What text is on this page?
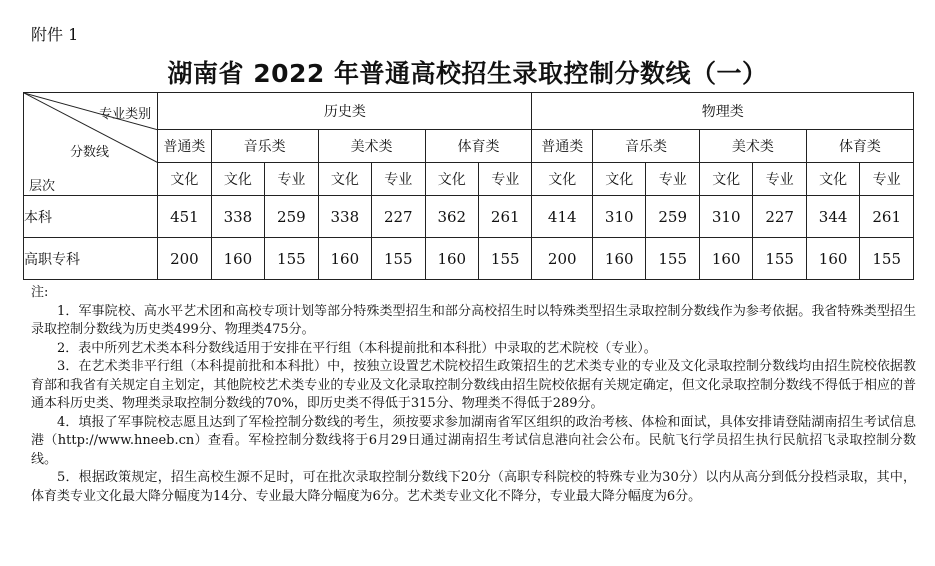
附件 1
湖南省 2022 年普通高校招生录取控制分数线（一）
专业类别
分数线
层次	历史类							物理类						
	普通类	音乐类		美术类		体育类		普通类	音乐类		美术类		体育类	
	文化	文化	专业	文化	专业	文化	专业	文化	文化	专业	文化	专业	文化	专业
本科	451	338	259	338	227	362	261	414	310	259	310	227	344	261
高职专科	200	160	155	160	155	160	155	200	160	155	160	155	160	155

注:

1．军事院校、高水平艺术团和高校专项计划等部分特殊类型招生和部分高校招生时以特殊类型招生录取控制分数线作为参考依据。我省特殊类型招生录取控制分数线为历史类499分、物理类475分。

2．表中所列艺术类本科分数线适用于安排在平行组（本科提前批和本科批）中录取的艺术院校（专业）。

3．在艺术类非平行组（本科提前批和本科批）中，按独立设置艺术院校招生政策招生的艺术类专业的专业及文化录取控制分数线均由招生院校依据教育部和我省有关规定自主划定，其他院校艺术类专业的专业及文化录取控制分数线由招生院校依据有关规定确定，但文化录取控制分数线不得低于相应的普通本科历史类、物理类录取控制分数线的70%，即历史类不得低于315分、物理类不得低于289分。

4．填报了军事院校志愿且达到了军检控制分数线的考生，须按要求参加湖南省军区组织的政治考核、体检和面试，具体安排请登陆湖南招生考试信息港（http://www.hneeb.cn）查看。军检控制分数线将于6月29日通过湖南招生考试信息港向社会公布。民航飞行学员招生执行民航招飞录取控制分数线。

5．根据政策规定，招生高校生源不足时，可在批次录取控制分数线下20分（高职专科院校的特殊专业为30分）以内从高分到低分投档录取，其中，体育类专业文化最大降分幅度为14分、专业最大降分幅度为6分。艺术类专业文化不降分，专业最大降分幅度为6分。
